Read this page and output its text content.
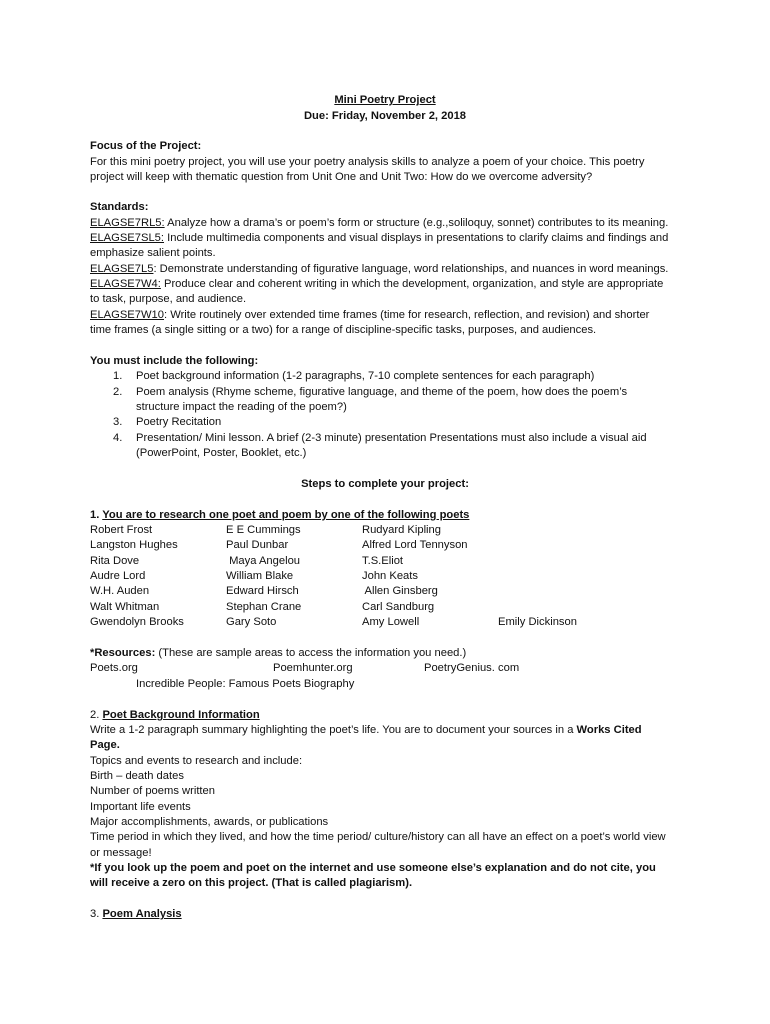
Mini Poetry Project
Due: Friday, November 2, 2018
Focus of the Project:
For this mini poetry project, you will use your poetry analysis skills to analyze a poem of your choice. This poetry
project will keep with thematic question from Unit One and Unit Two: How do we overcome adversity?
Standards:
ELAGSE7RL5: Analyze how a drama’s or poem’s form or structure (e.g.,soliloquy, sonnet) contributes to its meaning.
ELAGSE7SL5: Include multimedia components and visual displays in presentations to clarify claims and findings and
emphasize salient points.
ELAGSE7L5: Demonstrate understanding of figurative language, word relationships, and nuances in word meanings.
ELAGSE7W4: Produce clear and coherent writing in which the development, organization, and style are appropriate
to task, purpose, and audience.
ELAGSE7W10: Write routinely over extended time frames (time for research, reflection, and revision) and shorter
time frames (a single sitting or a two) for a range of discipline-specific tasks, purposes, and audiences.
You must include the following:
1. Poet background information (1-2 paragraphs, 7-10 complete sentences for each paragraph)
2. Poem analysis (Rhyme scheme, figurative language, and theme of the poem, how does the poem’s
structure impact the reading of the poem?)
3. Poetry Recitation
4. Presentation/ Mini lesson. A brief (2-3 minute) presentation Presentations must also include a visual aid
(PowerPoint, Poster, Booklet, etc.)
Steps to complete your project:
1. You are to research one poet and poem by one of the following poets
Robert Frost	E E Cummings	Rudyard Kipling
Langston Hughes	Paul Dunbar	Alfred Lord Tennyson
Rita Dove	Maya Angelou	T.S.Eliot
Audre Lord	William Blake	John Keats
W.H. Auden	Edward Hirsch	Allen Ginsberg
Walt Whitman	Stephan Crane	Carl Sandburg
Gwendolyn Brooks	Gary Soto	Amy Lowell	Emily Dickinson
*Resources: (These are sample areas to access the information you need.)
Poets.org	Poemhunter.org	PoetryGenius. com
Incredible People: Famous Poets Biography
2. Poet Background Information
Write a 1-2 paragraph summary highlighting the poet’s life. You are to document your sources in a Works Cited
Page.
Topics and events to research and include:
Birth – death dates
Number of poems written
Important life events
Major accomplishments, awards, or publications
Time period in which they lived, and how the time period/ culture/history can all have an effect on a poet’s world view
or message!
*If you look up the poem and poet on the internet and use someone else’s explanation and do not cite, you
will receive a zero on this project. (That is called plagiarism).
3. Poem Analysis
